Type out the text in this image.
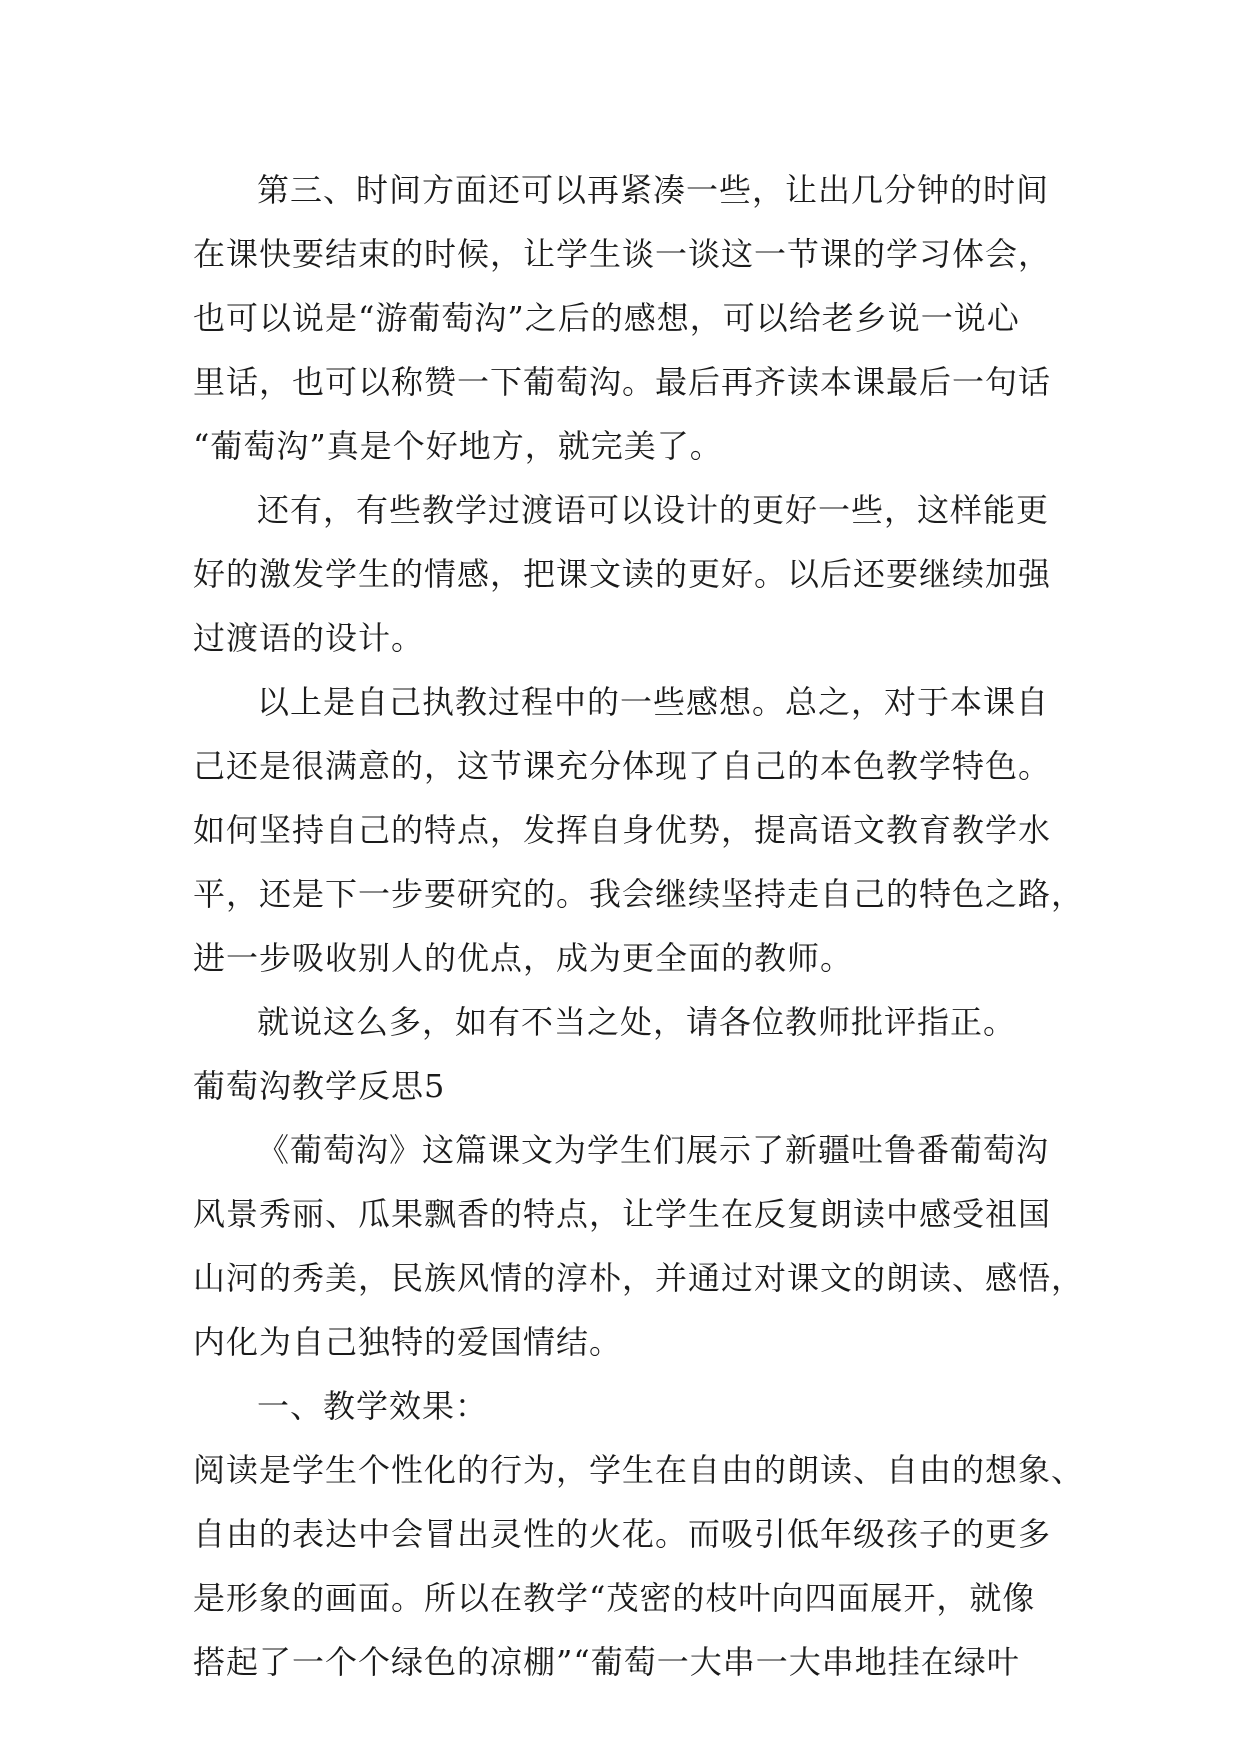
第三、时间方面还可以再紧凑一些，让出几分钟的时间
在课快要结束的时候，让学生谈一谈这一节课的学习体会，
也可以说是“游葡萄沟”之后的感想，可以给老乡说一说心
里话，也可以称赞一下葡萄沟。最后再齐读本课最后一句话
“葡萄沟”真是个好地方，就完美了。
还有，有些教学过渡语可以设计的更好一些，这样能更
好的激发学生的情感，把课文读的更好。以后还要继续加强
过渡语的设计。
以上是自己执教过程中的一些感想。总之，对于本课自
己还是很满意的，这节课充分体现了自己的本色教学特色。
如何坚持自己的特点，发挥自身优势，提高语文教育教学水
平，还是下一步要研究的。我会继续坚持走自己的特色之路，
进一步吸收别人的优点，成为更全面的教师。
就说这么多，如有不当之处，请各位教师批评指正。
葡萄沟教学反思5
《葡萄沟》这篇课文为学生们展示了新疆吐鲁番葡萄沟
风景秀丽、瓜果飘香的特点，让学生在反复朗读中感受祖国
山河的秀美，民族风情的淳朴，并通过对课文的朗读、感悟，
内化为自己独特的爱国情结。
一、教学效果：
阅读是学生个性化的行为，学生在自由的朗读、自由的想象、
自由的表达中会冒出灵性的火花。而吸引低年级孩子的更多
是形象的画面。所以在教学“茂密的枝叶向四面展开，就像
搭起了一个个绿色的凉棚”“葡萄一大串一大串地挂在绿叶
